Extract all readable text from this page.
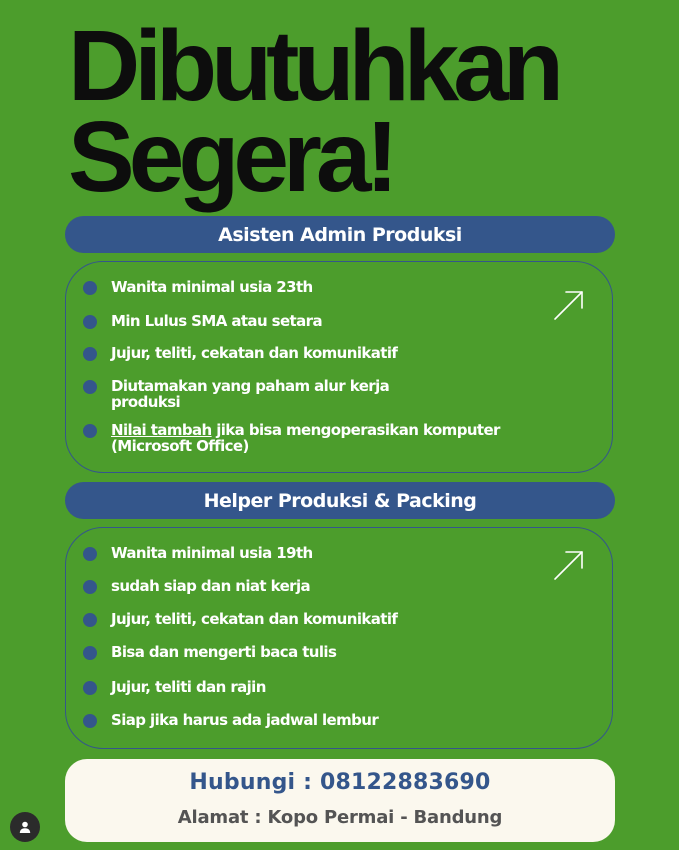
Dibutuhkan
Segera!
Asisten Admin Produksi
Wanita minimal usia 23th
Min Lulus SMA atau setara
Jujur, teliti, cekatan dan komunikatif
Diutamakan yang paham alur kerja produksi
Nilai tambah jika bisa mengoperasikan komputer (Microsoft Office)
Helper Produksi & Packing
Wanita minimal usia 19th
sudah siap dan niat kerja
Jujur, teliti, cekatan dan komunikatif
Bisa dan mengerti baca tulis
Jujur, teliti dan rajin
Siap jika harus ada jadwal lembur
Hubungi : 08122883690
Alamat : Kopo Permai - Bandung
